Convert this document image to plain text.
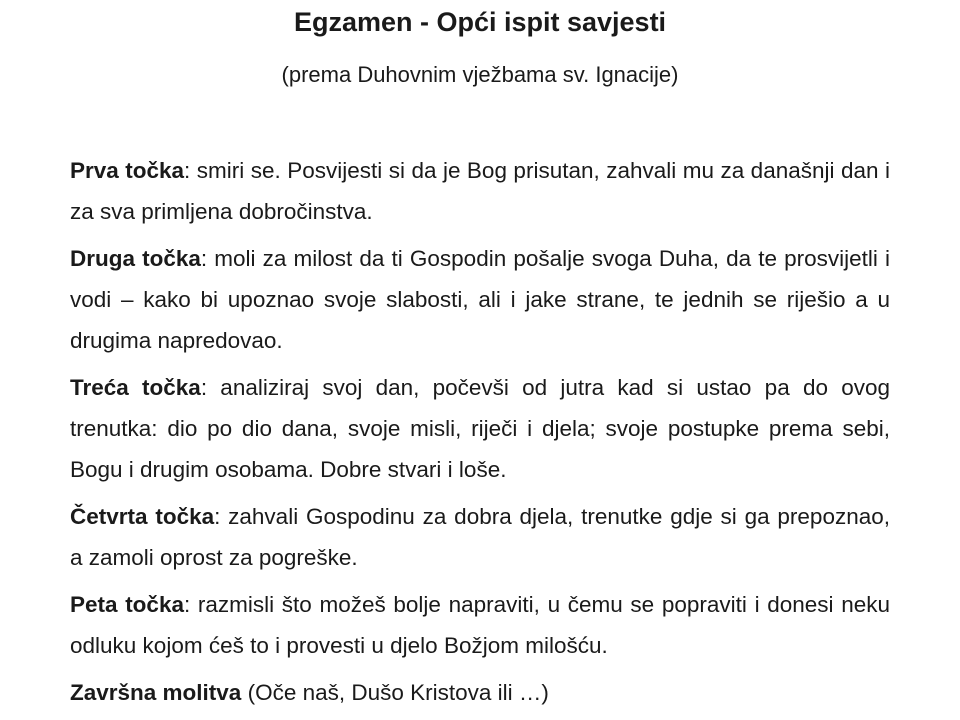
Egzamen - Opći ispit savjesti

(prema Duhovnim vježbama sv. Ignacije)

Prva točka: smiri se. Posvijesti si da je Bog prisutan, zahvali mu za današnji dan i za sva primljena dobročinstva.

Druga točka: moli za milost da ti Gospodin pošalje svoga Duha, da te prosvijetli i vodi – kako bi upoznao svoje slabosti, ali i jake strane, te jednih se riješio a u drugima napredovao.

Treća točka: analiziraj svoj dan, počevši od jutra kad si ustao pa do ovog trenutka: dio po dio dana, svoje misli, riječi i djela; svoje postupke prema sebi, Bogu i drugim osobama. Dobre stvari i loše.

Četvrta točka: zahvali Gospodinu za dobra djela, trenutke gdje si ga prepoznao, a zamoli oprost za pogreške.

Peta točka: razmisli što možeš bolje napraviti, u čemu se popraviti i donesi neku odluku kojom ćeš to i provesti u djelo Božjom milošću.

Završna molitva (Oče naš, Dušo Kristova ili …)
